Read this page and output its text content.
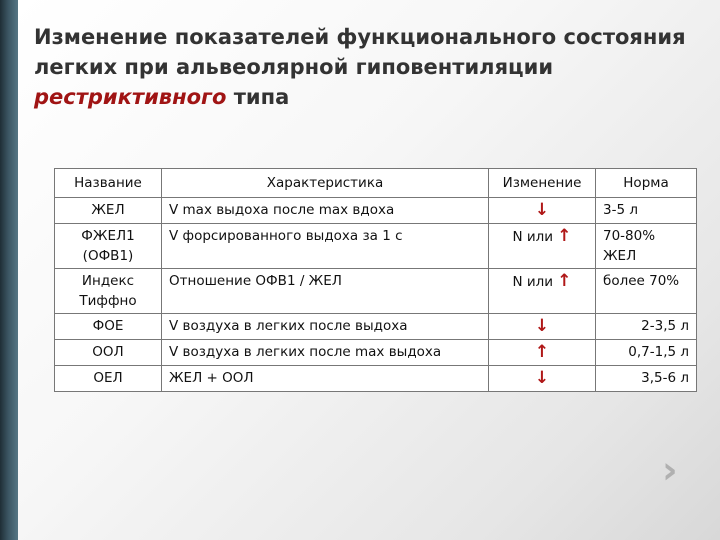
Изменение показателей функционального состояния
легких при альвеолярной гиповентиляции
рестриктивного типа
Название	Характеристика	Изменение	Норма
ЖЕЛ	V max выдоха после max вдоха	↓	3-5 л
ФЖЕЛ1 (ОФВ1)	V форсированного выдоха за 1 с	N или ↑	70-80% ЖЕЛ
Индекс Тиффно	Отношение ОФВ1 / ЖЕЛ	N или ↑	более 70%
ФОЕ	V воздуха в легких после выдоха	↓	2-3,5 л
ООЛ	V воздуха в легких после max выдоха	↑	0,7-1,5 л
ОЕЛ	ЖЕЛ + ООЛ	↓	3,5-6 л
›
